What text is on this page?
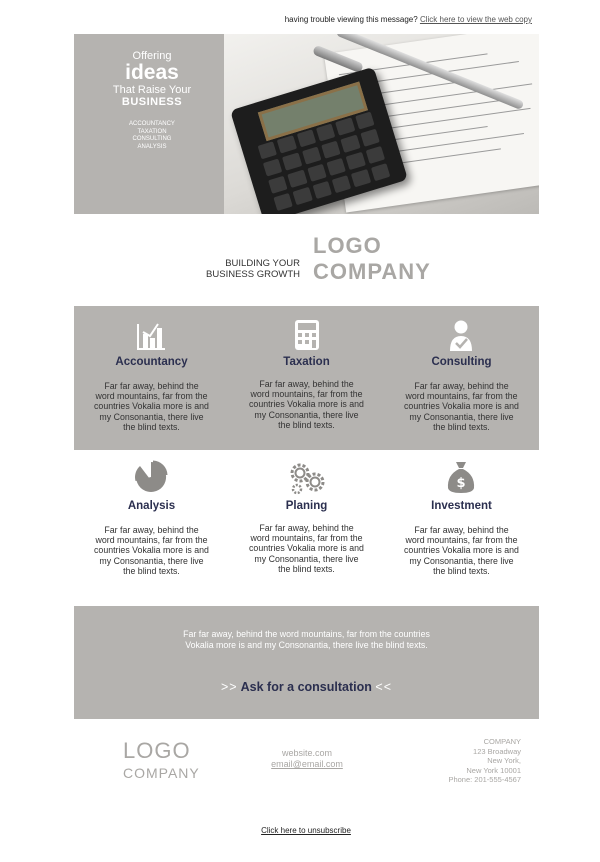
having trouble viewing this message? Click here to view the web copy
Offering
ideas
That Raise Your
BUSINESS
ACCOUNTANCY
TAXATION
CONSULTING
ANALYSIS
BUILDING YOUR
BUSINESS GROWTH
LOGO
COMPANY
Accountancy
Far far away, behind the word mountains, far from the countries Vokalia more is and my Consonantia, there live the blind texts.
Taxation
Far far away, behind the word mountains, far from the countries Vokalia more is and my Consonantia, there live the blind texts.
Consulting
Far far away, behind the word mountains, far from the countries Vokalia more is and my Consonantia, there live the blind texts.
Analysis
Far far away, behind the word mountains, far from the countries Vokalia more is and my Consonantia, there live the blind texts.
Planing
Far far away, behind the word mountains, far from the countries Vokalia more is and my Consonantia, there live the blind texts.
$
Investment
Far far away, behind the word mountains, far from the countries Vokalia more is and my Consonantia, there live the blind texts.
Far far away, behind the word mountains, far from the countries Vokalia more is and my Consonantia, there live the blind texts.
>> Ask for a consultation <<
LOGO
COMPANY
website.com
email@email.com
COMPANY
123 Broadway
New York,
New York 10001
Phone: 201-555-4567
Click here to unsubscribe
